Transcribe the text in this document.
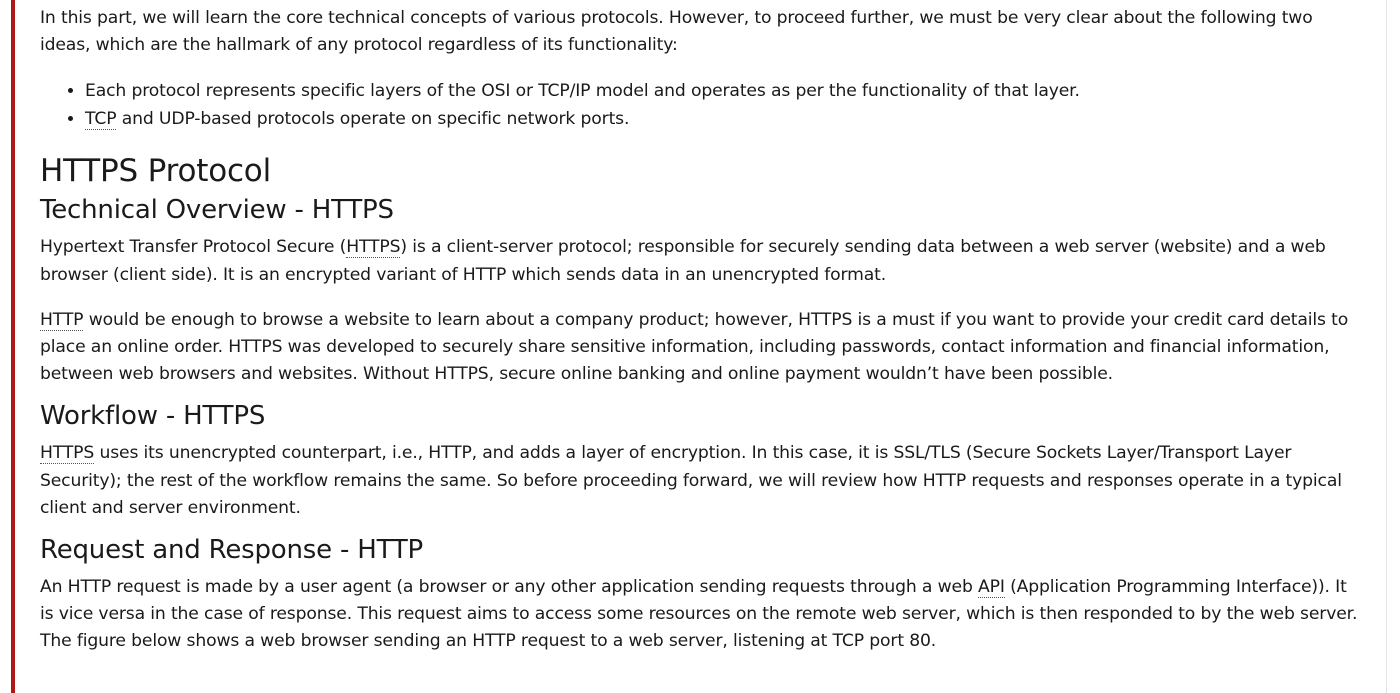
In this part, we will learn the core technical concepts of various protocols. However, to proceed further, we must be very clear about the following two ideas, which are the hallmark of any protocol regardless of its functionality:

• Each protocol represents specific layers of the OSI or TCP/IP model and operates as per the functionality of that layer.
• TCP and UDP-based protocols operate on specific network ports.
HTTPS Protocol
Technical Overview - HTTPS

Hypertext Transfer Protocol Secure (HTTPS) is a client-server protocol; responsible for securely sending data between a web server (website) and a web browser (client side). It is an encrypted variant of HTTP which sends data in an unencrypted format.

HTTP would be enough to browse a website to learn about a company product; however, HTTPS is a must if you want to provide your credit card details to place an online order. HTTPS was developed to securely share sensitive information, including passwords, contact information and financial information, between web browsers and websites. Without HTTPS, secure online banking and online payment wouldn’t have been possible.

Workflow - HTTPS

HTTPS uses its unencrypted counterpart, i.e., HTTP, and adds a layer of encryption. In this case, it is SSL/TLS (Secure Sockets Layer/Transport Layer Security); the rest of the workflow remains the same. So before proceeding forward, we will review how HTTP requests and responses operate in a typical client and server environment.

Request and Response - HTTP

An HTTP request is made by a user agent (a browser or any other application sending requests through a web API (Application Programming Interface)). It is vice versa in the case of response. This request aims to access some resources on the remote web server, which is then responded to by the web server. The figure below shows a web browser sending an HTTP request to a web server, listening at TCP port 80.
